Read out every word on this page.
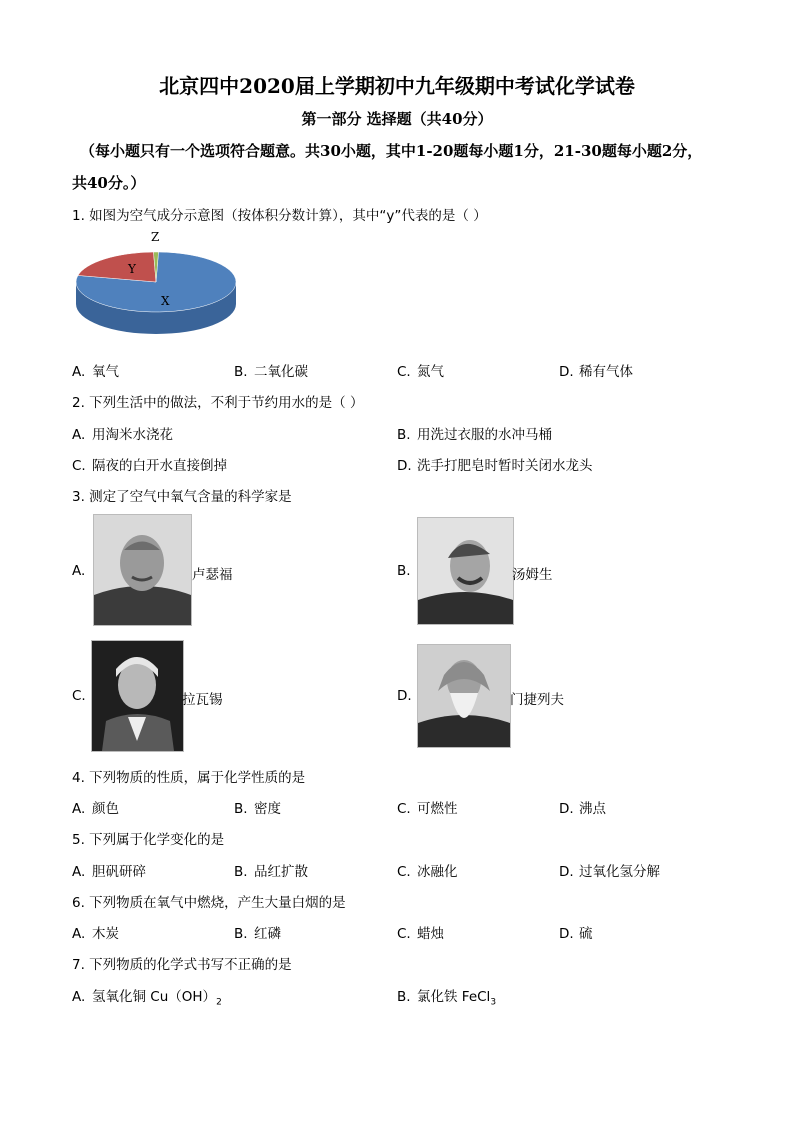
北京四中2020届上学期初中九年级期中考试化学试卷
第一部分 选择题（共40分）
（每小题只有一个选项符合题意。共30小题，其中1-20题每小题1分，21-30题每小题2分，
共40分。）
1. 如图为空气成分示意图（按体积分数计算），其中“y”代表的是（ ）
Y
X
Z
A. 氧气	B. 二氧化碳	C. 氮气	D. 稀有气体
2. 下列生活中的做法，不利于节约用水的是（ ）
A. 用淘米水浇花	B. 用洗过衣服的水冲马桶
C. 隔夜的白开水直接倒掉	D. 洗手打肥皂时暂时关闭水龙头
3. 测定了空气中氧气含量的科学家是
A.	卢瑟福	B.	汤姆生
C.	拉瓦锡	D.	门捷列夫
4. 下列物质的性质，属于化学性质的是
A. 颜色	B. 密度	C. 可燃性	D. 沸点
5. 下列属于化学变化的是
A. 胆矾研碎	B. 品红扩散	C. 冰融化	D. 过氧化氢分解
6. 下列物质在氧气中燃烧，产生大量白烟的是
A. 木炭	B. 红磷	C. 蜡烛	D. 硫
7. 下列物质的化学式书写不正确的是
A. 氢氧化铜 $Cu(OH)_2$	B. 氯化铁 FeCl$_3$
